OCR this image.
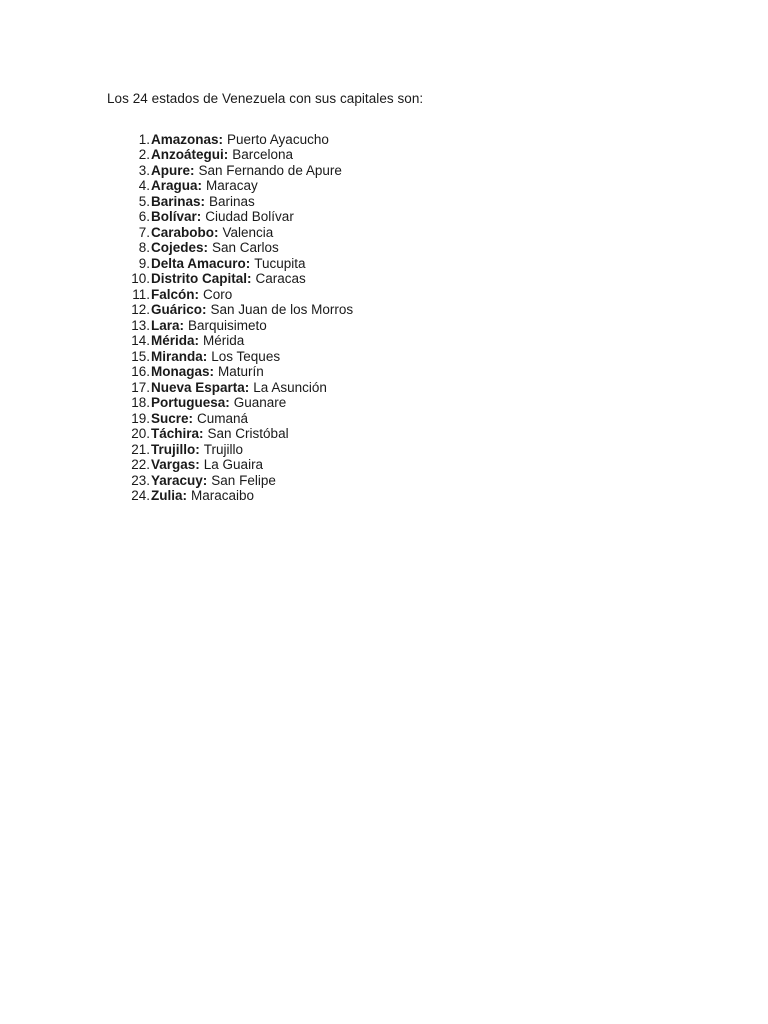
Los 24 estados de Venezuela con sus capitales son:
1. Amazonas: Puerto Ayacucho
2. Anzoátegui: Barcelona
3. Apure: San Fernando de Apure
4. Aragua: Maracay
5. Barinas: Barinas
6. Bolívar: Ciudad Bolívar
7. Carabobo: Valencia
8. Cojedes: San Carlos
9. Delta Amacuro: Tucupita
10. Distrito Capital: Caracas
11. Falcón: Coro
12. Guárico: San Juan de los Morros
13. Lara: Barquisimeto
14. Mérida: Mérida
15. Miranda: Los Teques
16. Monagas: Maturín
17. Nueva Esparta: La Asunción
18. Portuguesa: Guanare
19. Sucre: Cumaná
20. Táchira: San Cristóbal
21. Trujillo: Trujillo
22. Vargas: La Guaira
23. Yaracuy: San Felipe
24. Zulia: Maracaibo
